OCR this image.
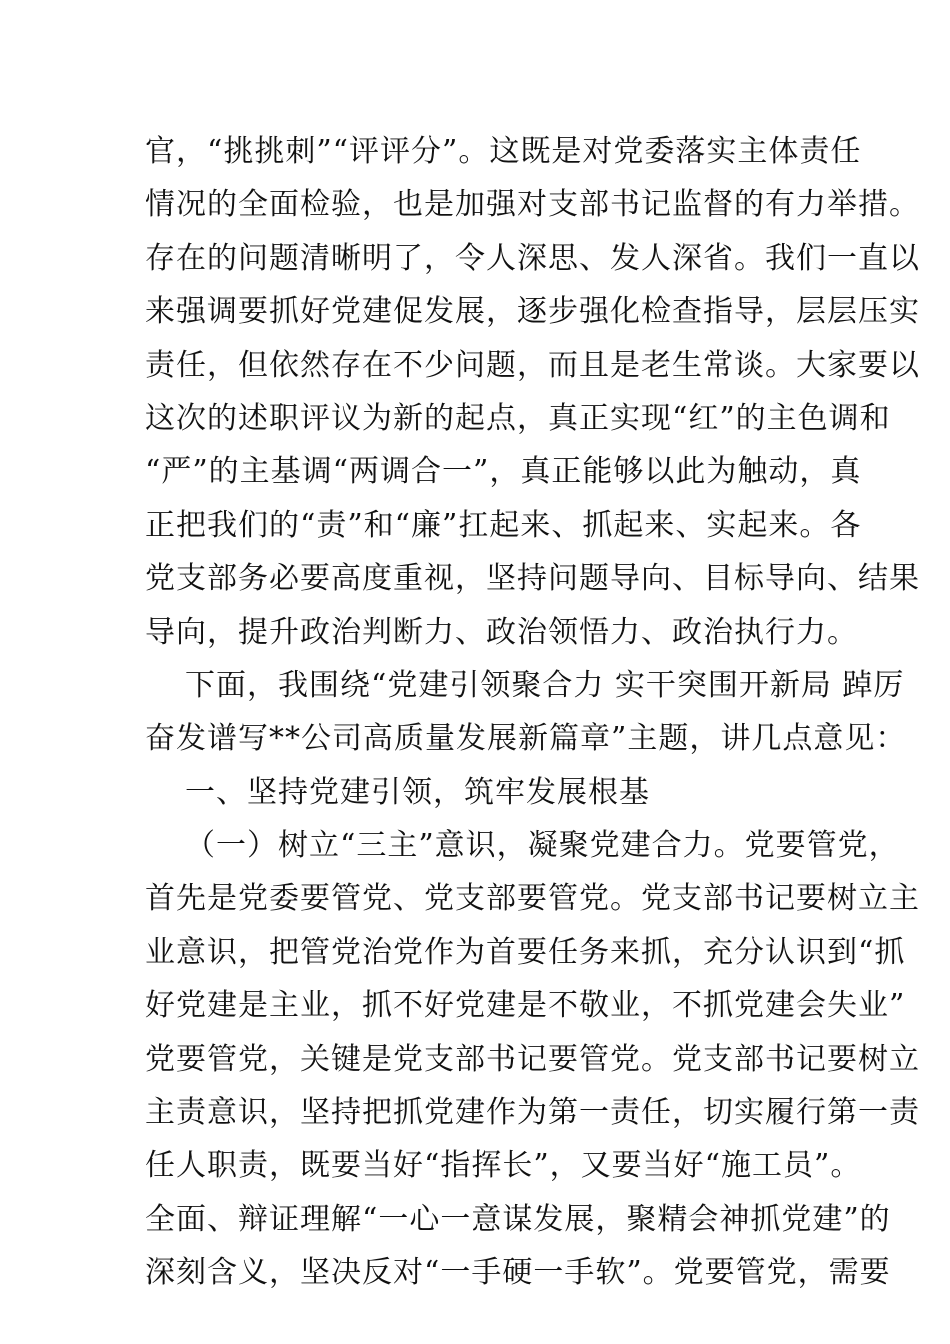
官，“挑挑刺”“评评分”。这既是对党委落实主体责任
情况的全面检验，也是加强对支部书记监督的有力举措。
存在的问题清晰明了，令人深思、发人深省。我们一直以
来强调要抓好党建促发展，逐步强化检查指导，层层压实
责任，但依然存在不少问题，而且是老生常谈。大家要以
这次的述职评议为新的起点，真正实现“红”的主色调和
“严”的主基调“两调合一”，真正能够以此为触动，真
正把我们的“责”和“廉”扛起来、抓起来、实起来。各
党支部务必要高度重视，坚持问题导向、目标导向、结果
导向，提升政治判断力、政治领悟力、政治执行力。
下面，我围绕“党建引领聚合力 实干突围开新局 踔厉
奋发谱写**公司高质量发展新篇章”主题，讲几点意见：
一、坚持党建引领，筑牢发展根基
（一）树立“三主”意识，凝聚党建合力。党要管党，
首先是党委要管党、党支部要管党。党支部书记要树立主
业意识，把管党治党作为首要任务来抓，充分认识到“抓
好党建是主业，抓不好党建是不敬业，不抓党建会失业”
党要管党，关键是党支部书记要管党。党支部书记要树立
主责意识，坚持把抓党建作为第一责任，切实履行第一责
任人职责，既要当好“指挥长”，又要当好“施工员”。
全面、辩证理解“一心一意谋发展，聚精会神抓党建”的
深刻含义，坚决反对“一手硬一手软”。党要管党，需要
